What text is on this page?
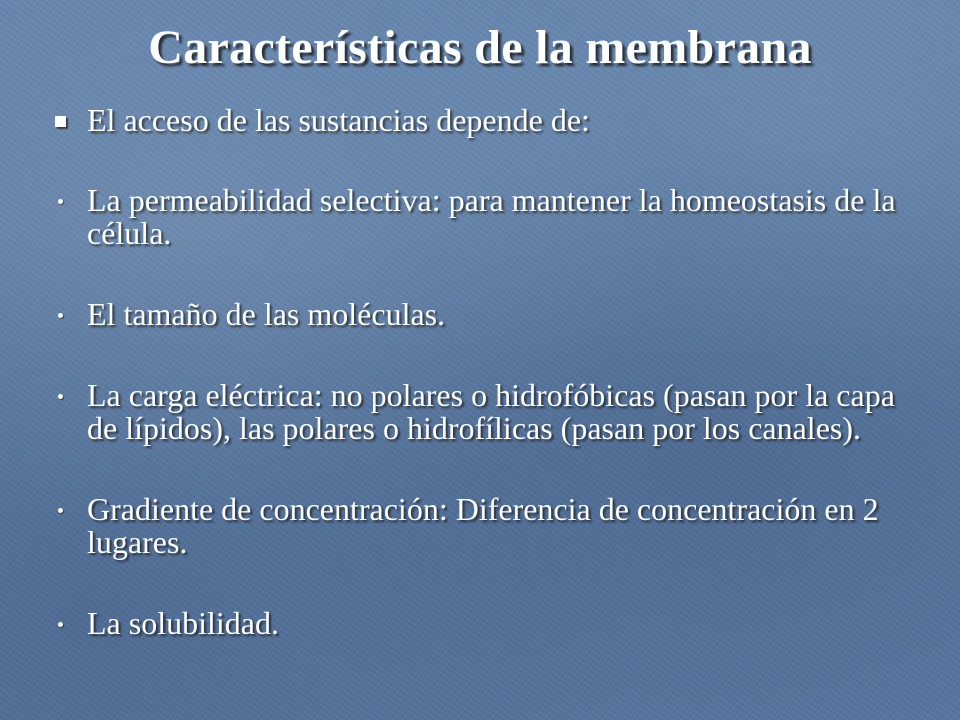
Características de la membrana
El acceso de las sustancias depende de:
La permeabilidad selectiva: para mantener la homeostasis de la célula.
El tamaño de las moléculas.
La carga eléctrica: no polares o hidrofóbicas (pasan por la capa de lípidos), las polares o hidrofílicas (pasan por los canales).
Gradiente de concentración: Diferencia de concentración en 2 lugares.
La solubilidad.
